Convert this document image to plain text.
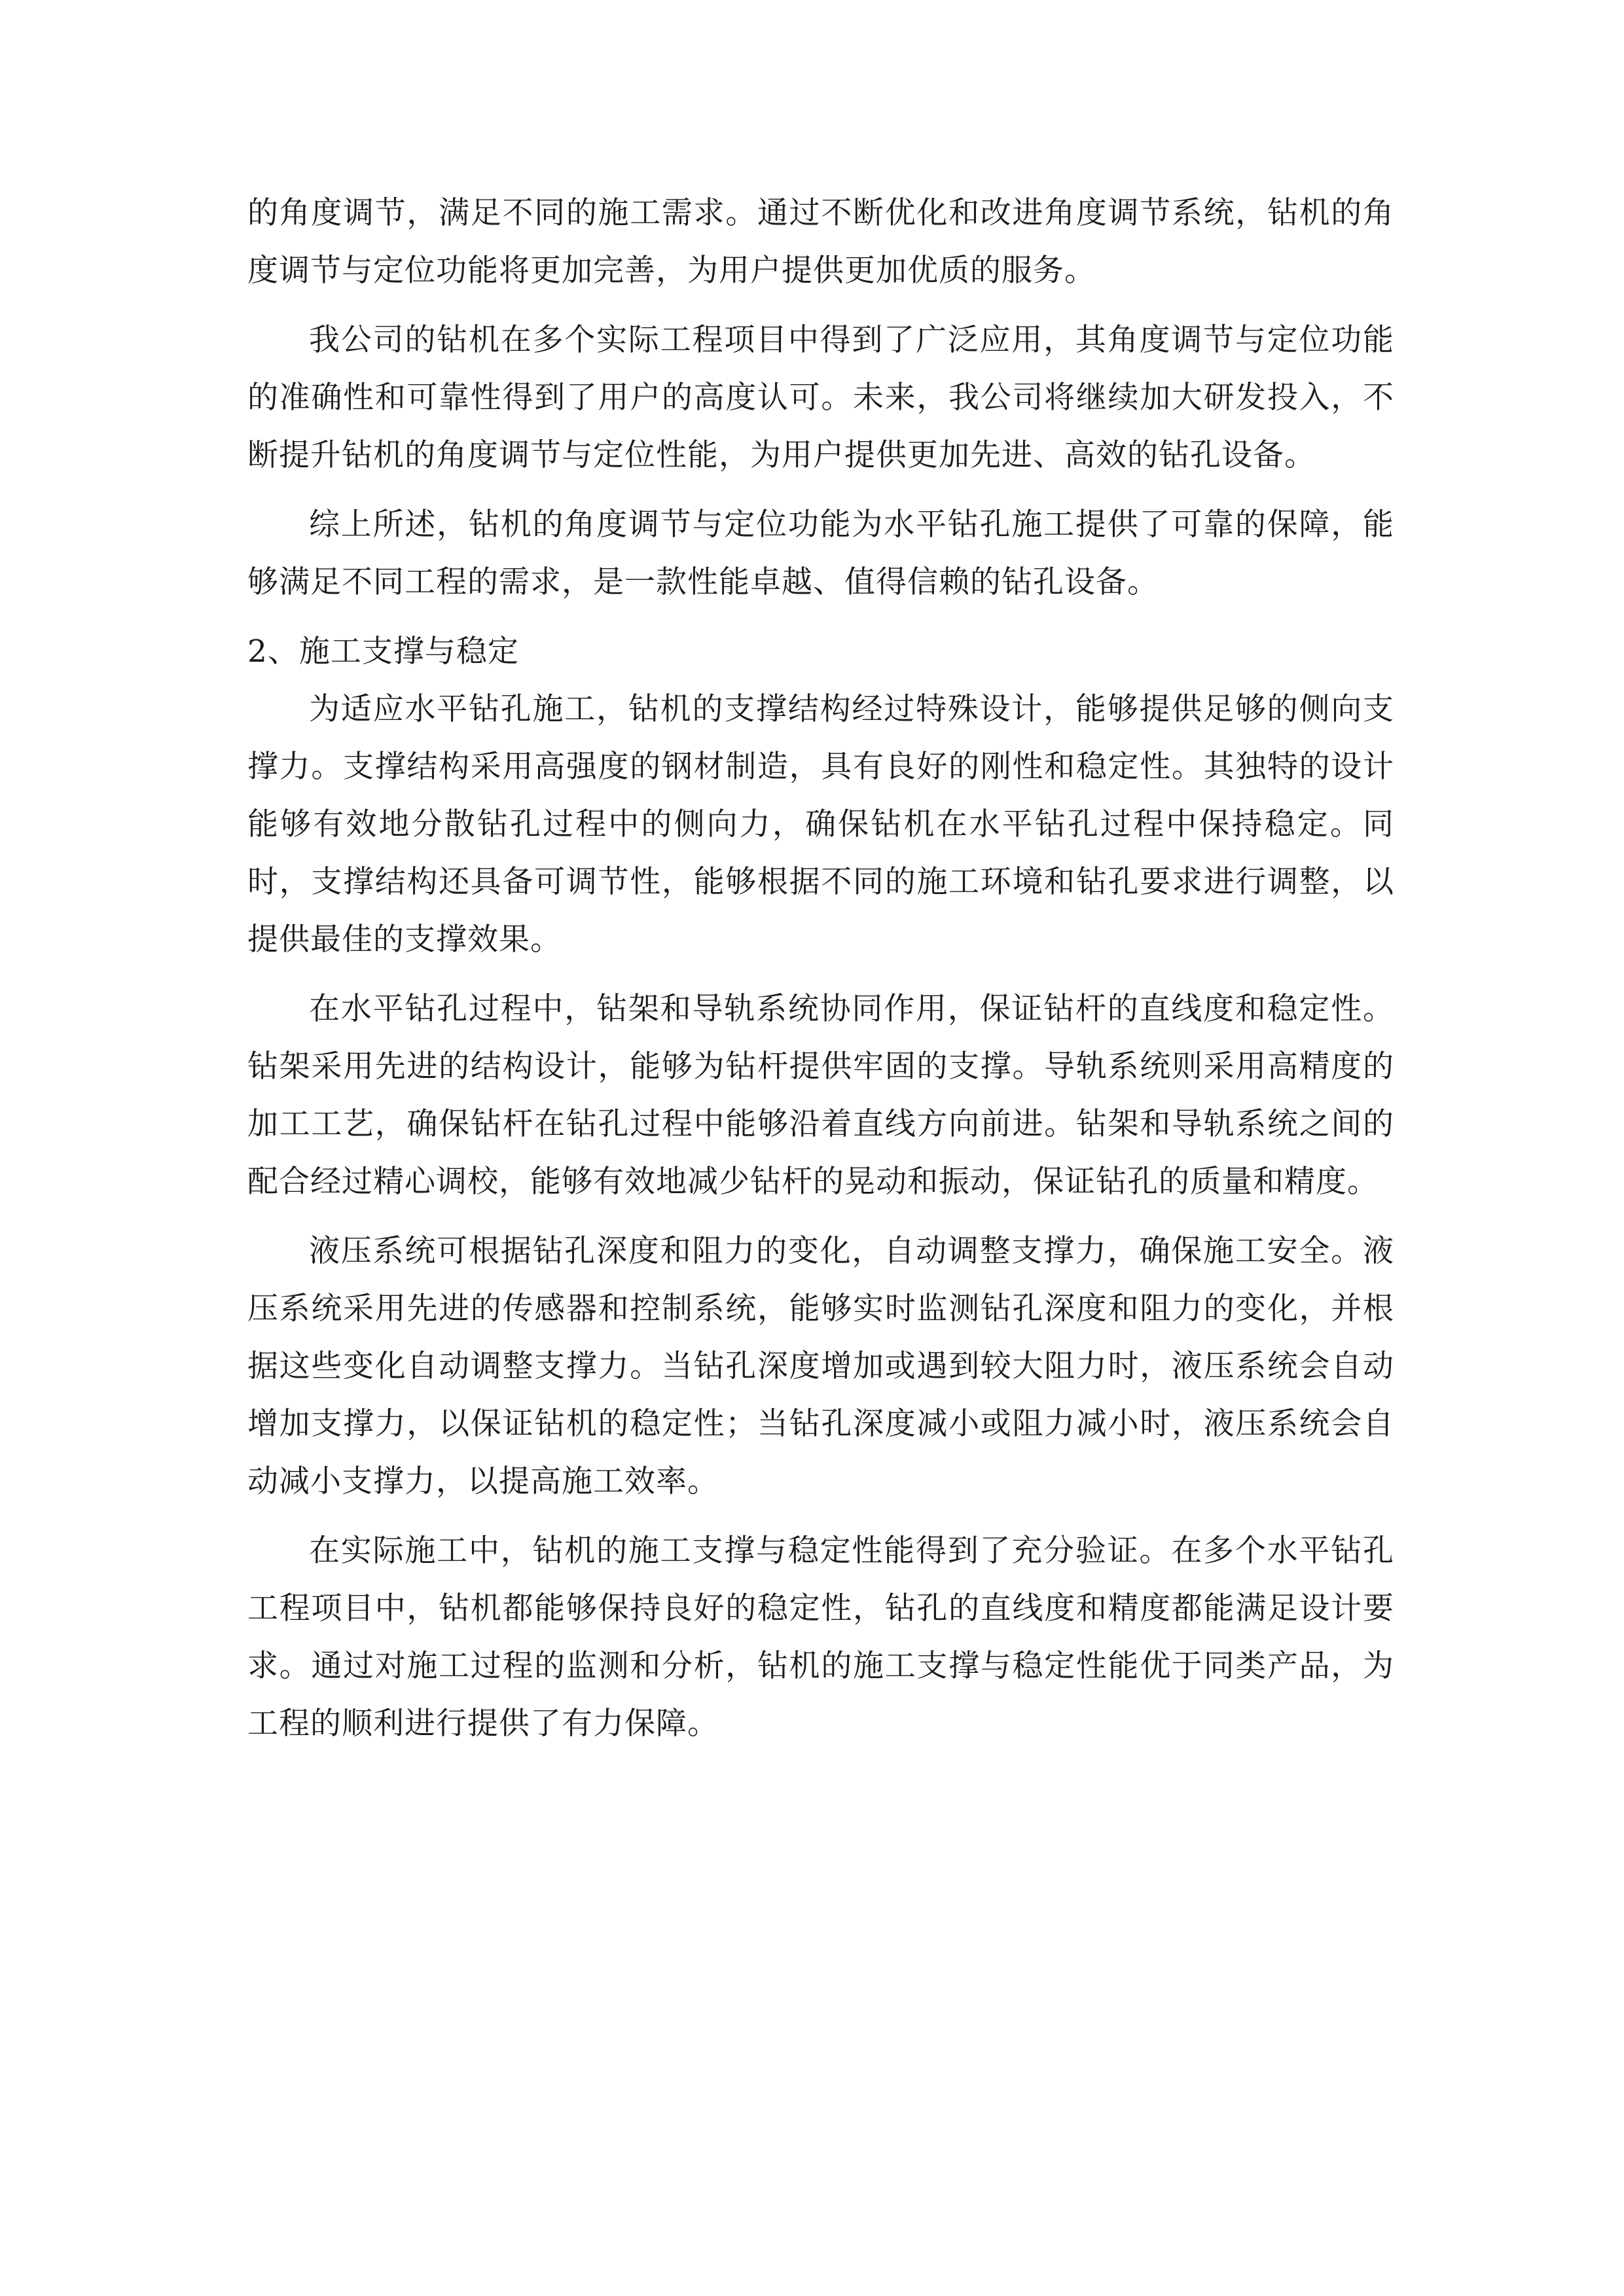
的角度调节，满足不同的施工需求。通过不断优化和改进角度调节系统，钻机的角度调节与定位功能将更加完善，为用户提供更加优质的服务。

我公司的钻机在多个实际工程项目中得到了广泛应用，其角度调节与定位功能的准确性和可靠性得到了用户的高度认可。未来，我公司将继续加大研发投入，不断提升钻机的角度调节与定位性能，为用户提供更加先进、高效的钻孔设备。

综上所述，钻机的角度调节与定位功能为水平钻孔施工提供了可靠的保障，能够满足不同工程的需求，是一款性能卓越、值得信赖的钻孔设备。

2、施工支撑与稳定

为适应水平钻孔施工，钻机的支撑结构经过特殊设计，能够提供足够的侧向支撑力。支撑结构采用高强度的钢材制造，具有良好的刚性和稳定性。其独特的设计能够有效地分散钻孔过程中的侧向力，确保钻机在水平钻孔过程中保持稳定。同时，支撑结构还具备可调节性，能够根据不同的施工环境和钻孔要求进行调整，以提供最佳的支撑效果。

在水平钻孔过程中，钻架和导轨系统协同作用，保证钻杆的直线度和稳定性。钻架采用先进的结构设计，能够为钻杆提供牢固的支撑。导轨系统则采用高精度的加工工艺，确保钻杆在钻孔过程中能够沿着直线方向前进。钻架和导轨系统之间的配合经过精心调校，能够有效地减少钻杆的晃动和振动，保证钻孔的质量和精度。

液压系统可根据钻孔深度和阻力的变化，自动调整支撑力，确保施工安全。液压系统采用先进的传感器和控制系统，能够实时监测钻孔深度和阻力的变化，并根据这些变化自动调整支撑力。当钻孔深度增加或遇到较大阻力时，液压系统会自动增加支撑力，以保证钻机的稳定性；当钻孔深度减小或阻力减小时，液压系统会自动减小支撑力，以提高施工效率。

在实际施工中，钻机的施工支撑与稳定性能得到了充分验证。在多个水平钻孔工程项目中，钻机都能够保持良好的稳定性，钻孔的直线度和精度都能满足设计要求。通过对施工过程的监测和分析，钻机的施工支撑与稳定性能优于同类产品，为工程的顺利进行提供了有力保障。
